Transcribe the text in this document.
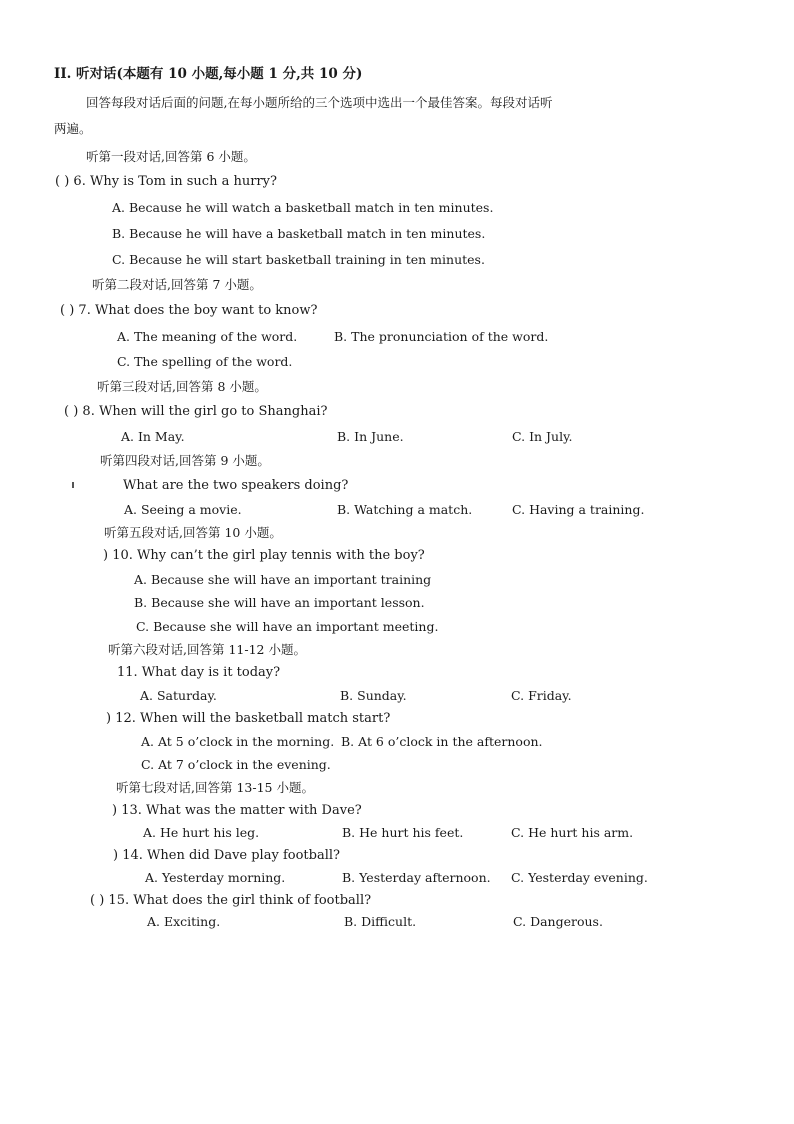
II. 听对话(本题有 10 小题,每小题 1 分,共 10 分)
回答每段对话后面的问题,在每小题所给的三个选项中选出一个最佳答案。每段对话听
两遍。
听第一段对话,回答第 6 小题。
( ) 6. Why is Tom in such a hurry?
A. Because he will watch a basketball match in ten minutes.
B. Because he will have a basketball match in ten minutes.
C. Because he will start basketball training in ten minutes.
听第二段对话,回答第 7 小题。
( ) 7. What does the boy want to know?
A. The meaning of the word.	B. The pronunciation of the word.
C. The spelling of the word.
听第三段对话,回答第 8 小题。
( ) 8. When will the girl go to Shanghai?
A. In May.	B. In June.	C. In July.
听第四段对话,回答第 9 小题。
What are the two speakers doing?
A. Seeing a movie.	B. Watching a match.	C. Having a training.
听第五段对话,回答第 10 小题。
) 10. Why can’t the girl play tennis with the boy?
A. Because she will have an important training
B. Because she will have an important lesson.
C. Because she will have an important meeting.
听第六段对话,回答第 11-12 小题。
11. What day is it today?
A. Saturday.	B. Sunday.	C. Friday.
) 12. When will the basketball match start?
A. At 5 o’clock in the morning. B. At 6 o’clock in the afternoon.
C. At 7 o’clock in the evening.
听第七段对话,回答第 13-15 小题。
) 13. What was the matter with Dave?
A. He hurt his leg.	B. He hurt his feet.	C. He hurt his arm.
) 14. When did Dave play football?
A. Yesterday morning.	B. Yesterday afternoon. C. Yesterday evening.
( ) 15. What does the girl think of football?
A. Exciting.	B. Difficult.	C. Dangerous.
